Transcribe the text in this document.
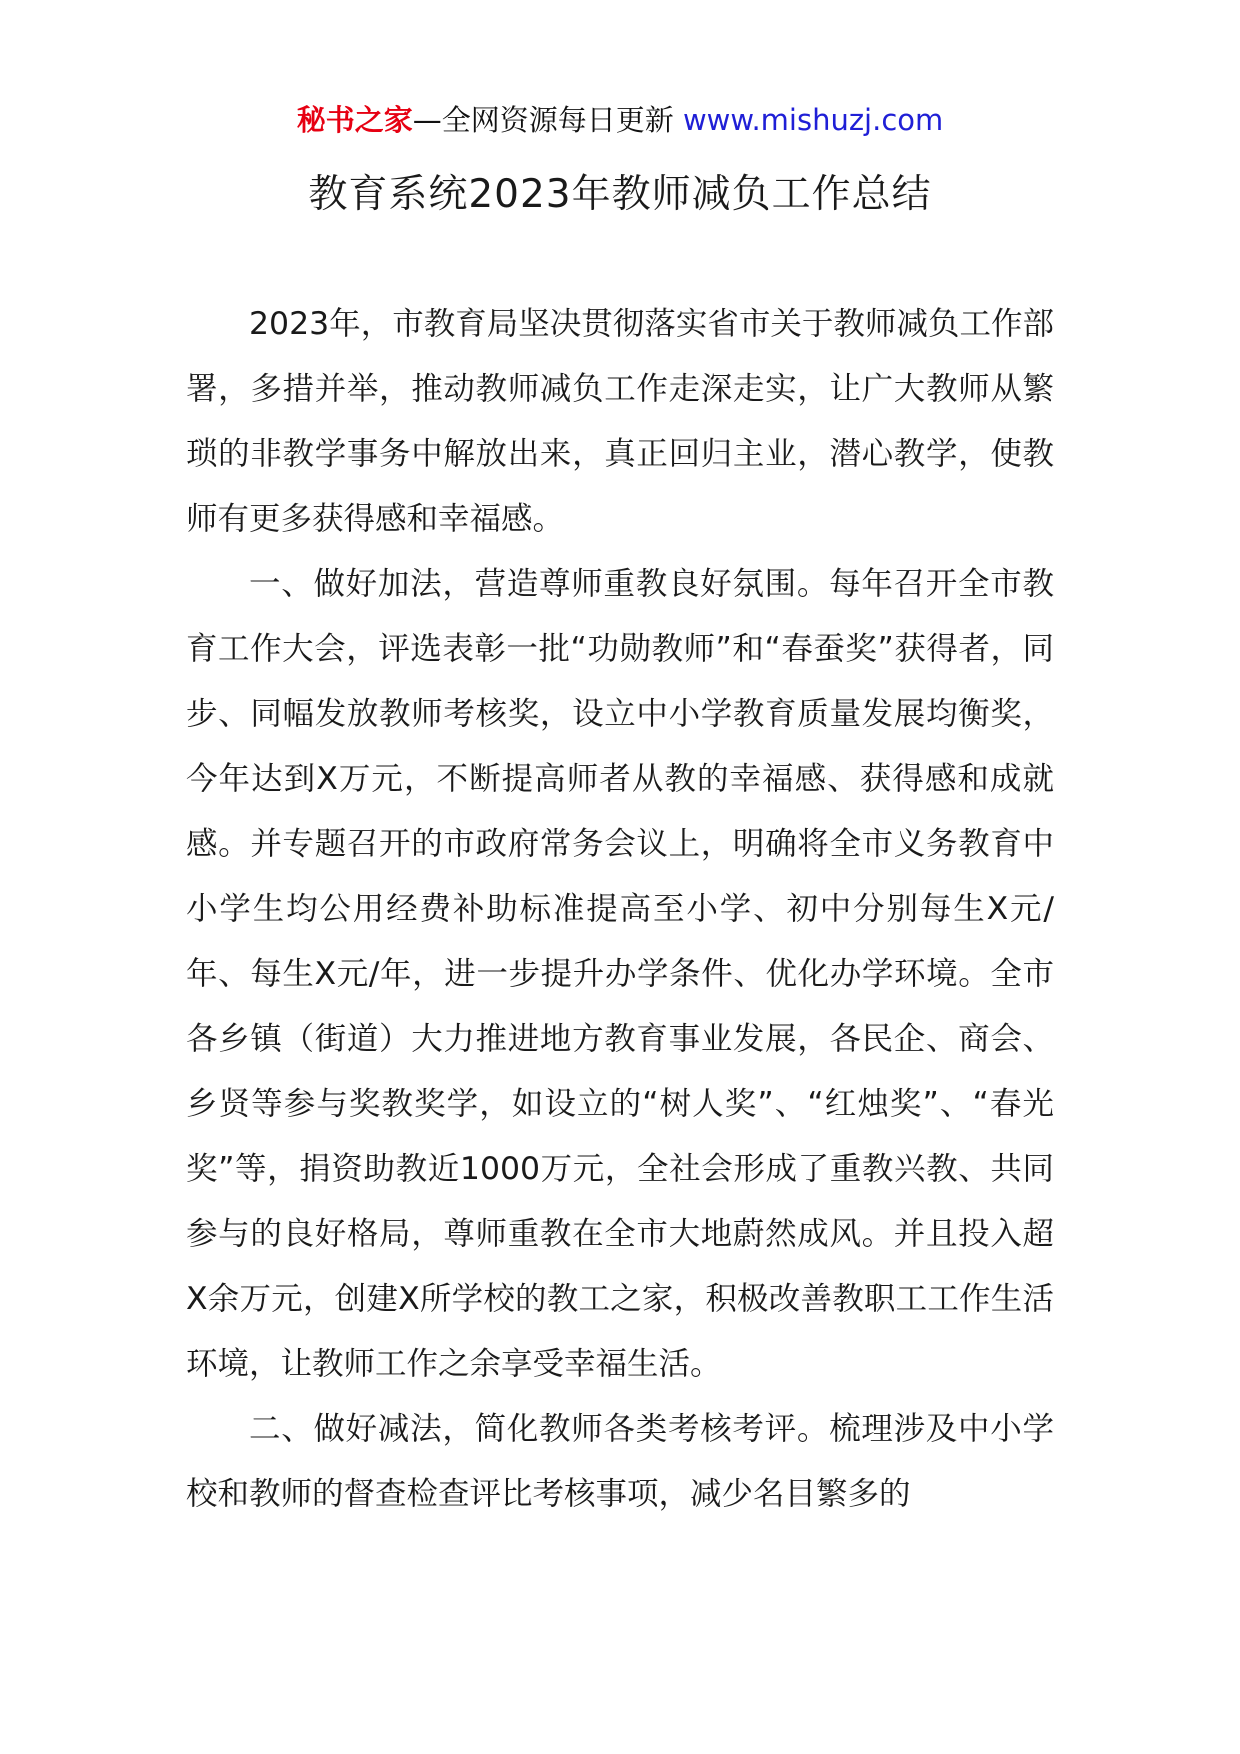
秘书之家—全网资源每日更新 www.mishuzj.com
教育系统2023年教师减负工作总结

2023年，市教育局坚决贯彻落实省市关于教师减负工作部署，多措并举，推动教师减负工作走深走实，让广大教师从繁琐的非教学事务中解放出来，真正回归主业，潜心教学，使教师有更多获得感和幸福感。

一、做好加法，营造尊师重教良好氛围。每年召开全市教育工作大会，评选表彰一批“功勋教师”和“春蚕奖”获得者，同步、同幅发放教师考核奖，设立中小学教育质量发展均衡奖，今年达到X万元，不断提高师者从教的幸福感、获得感和成就感。并专题召开的市政府常务会议上，明确将全市义务教育中小学生均公用经费补助标准提高至小学、初中分别每生X元/年、每生X元/年，进一步提升办学条件、优化办学环境。全市各乡镇（街道）大力推进地方教育事业发展，各民企、商会、乡贤等参与奖教奖学，如设立的“树人奖”、“红烛奖”、“春光奖”等，捐资助教近1000万元，全社会形成了重教兴教、共同参与的良好格局，尊师重教在全市大地蔚然成风。并且投入超X余万元，创建X所学校的教工之家，积极改善教职工工作生活环境，让教师工作之余享受幸福生活。

二、做好减法，简化教师各类考核考评。梳理涉及中小学校和教师的督查检查评比考核事项，减少名目繁多的
